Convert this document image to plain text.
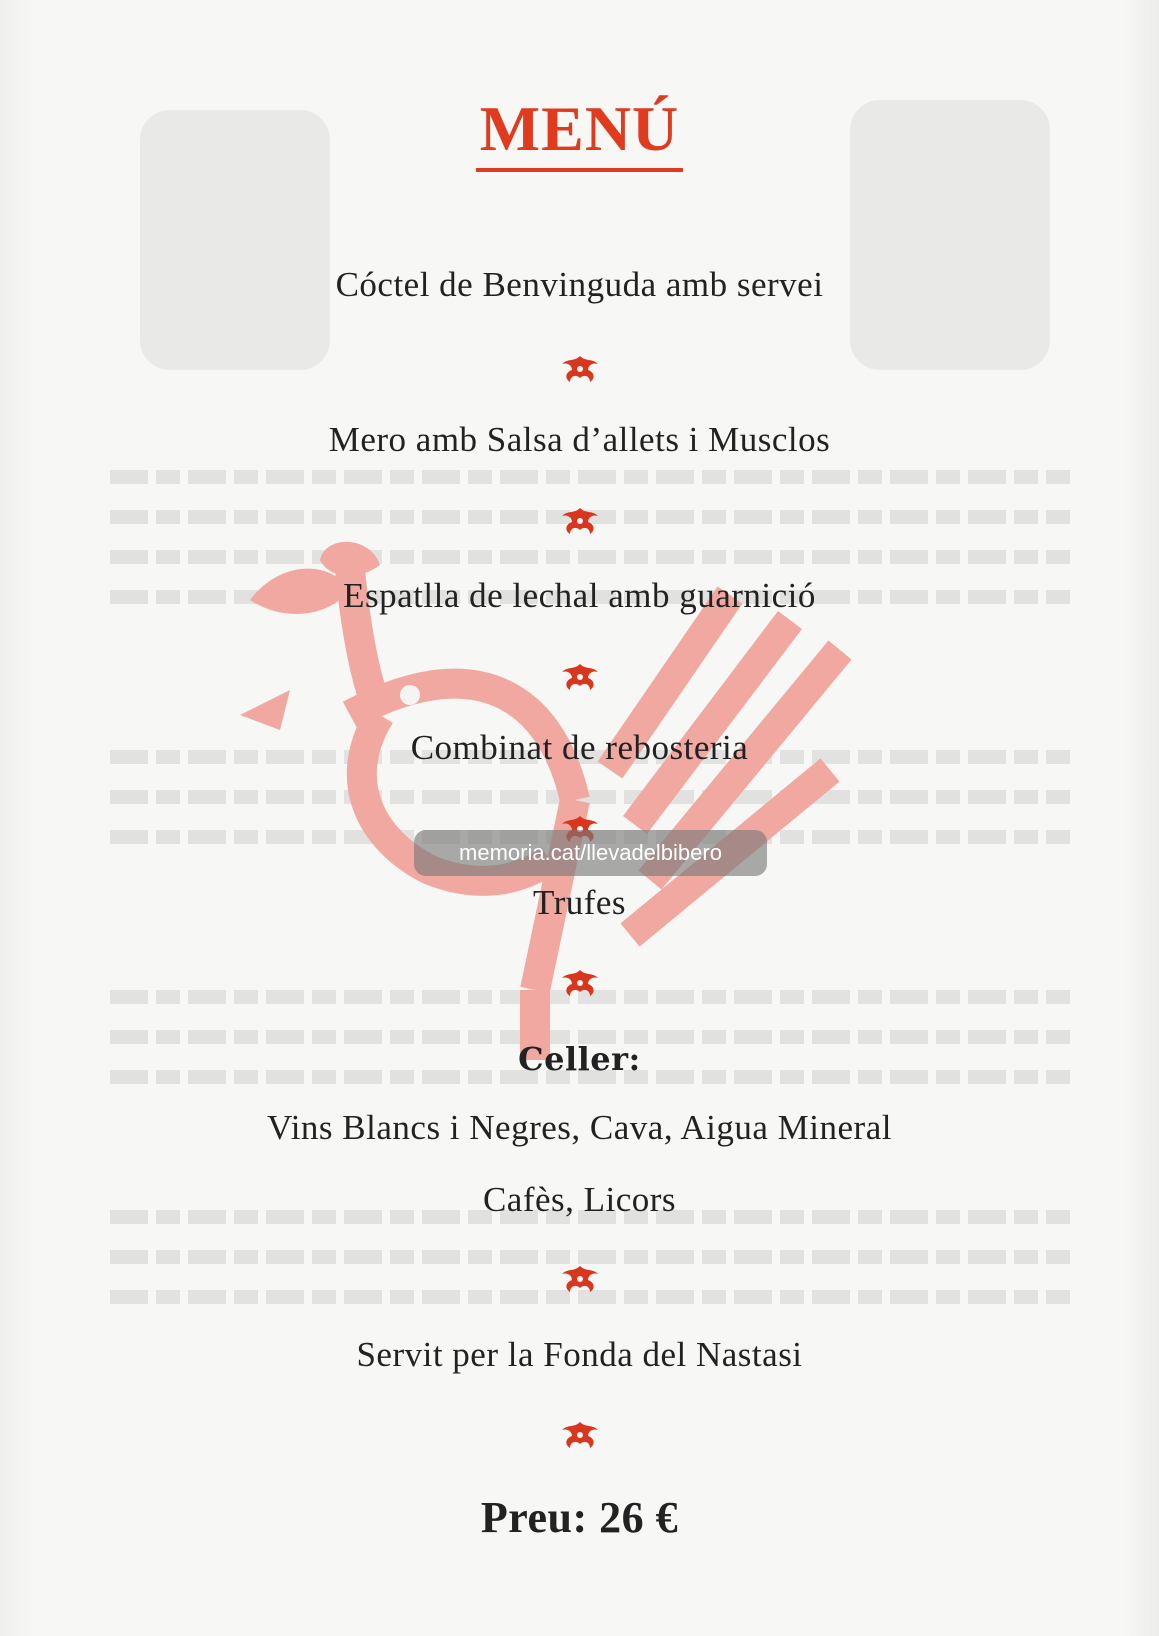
MENÚ
Cóctel de Benvinguda amb servei
Mero amb Salsa d’allets i Musclos
Espatlla de lechal amb guarnició
Combinat de rebosteria
Trufes
Celler:
Vins Blancs i Negres, Cava, Aigua Mineral
Cafès, Licors
Servit per la Fonda del Nastasi
Preu: 26 €
memoria.cat/llevadelbibero
